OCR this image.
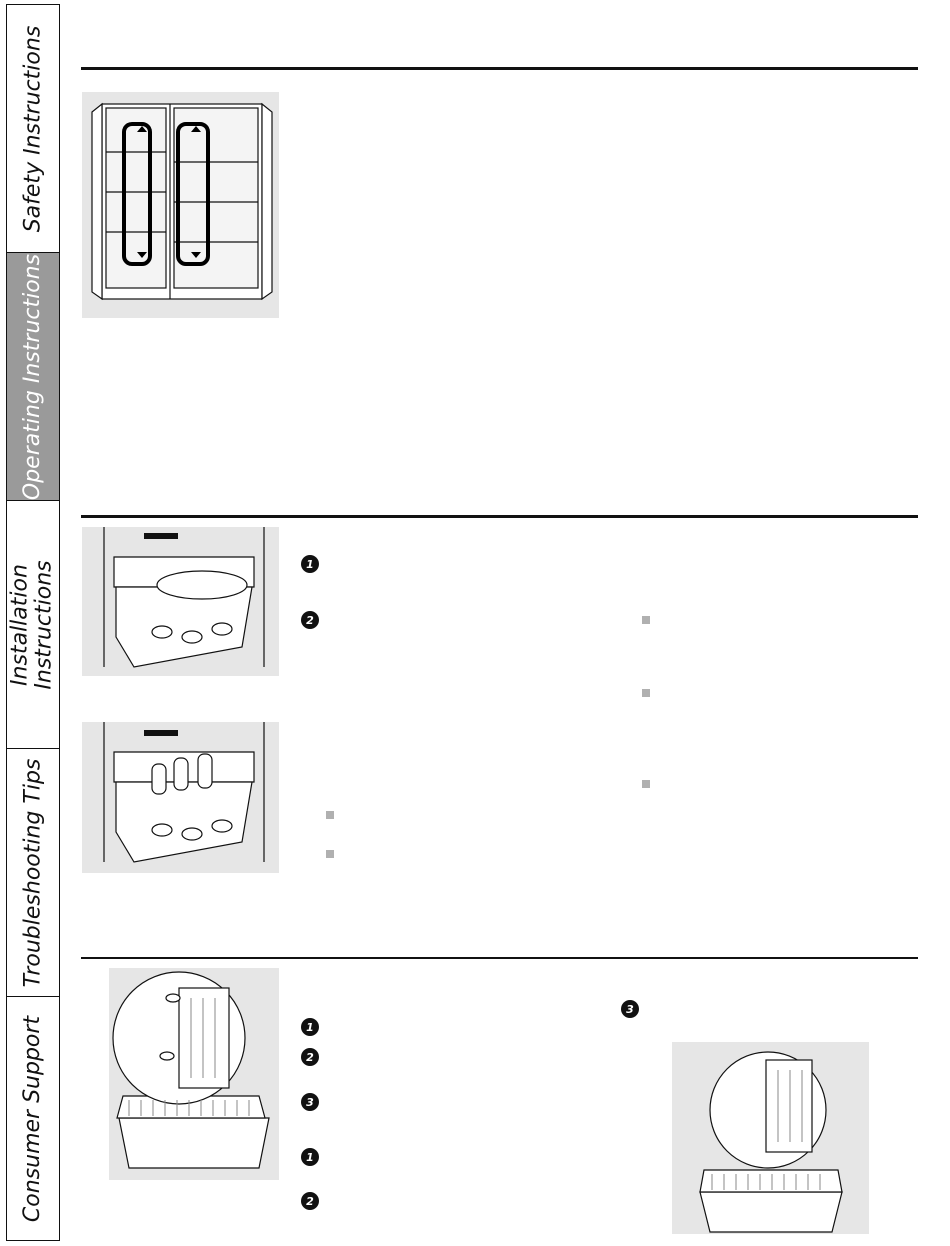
Safety Instructions
Operating Instructions
Installation Instructions
Troubleshooting Tips
Consumer Support
1
2
1
2
3
1
2
3
